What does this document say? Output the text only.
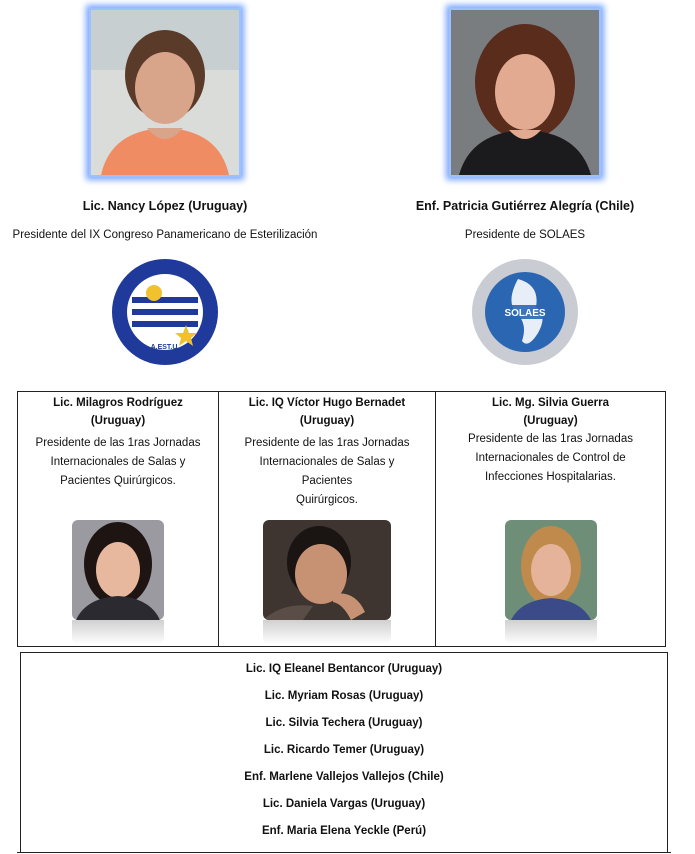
Lic. Nancy López (Uruguay)
Presidente del IX Congreso Panamericano de Esterilización
A.EST.U.
Enf. Patricia Gutiérrez Alegría (Chile)
Presidente de SOLAES
SOLAES
Lic. Milagros Rodríguez
(Uruguay)
Presidente de las 1ras Jornadas
Internacionales de Salas y
Pacientes Quirúrgicos.
Lic. IQ Víctor Hugo Bernadet
(Uruguay)
Presidente de las 1ras Jornadas
Internacionales de Salas y Pacientes
Quirúrgicos.
Lic. Mg. Silvia Guerra
(Uruguay)
Presidente de las 1ras Jornadas
Internacionales de Control de
Infecciones Hospitalarias.
Lic. IQ Eleanel Bentancor (Uruguay)
Lic. Myriam Rosas (Uruguay)
Lic. Silvia Techera (Uruguay)
Lic. Ricardo Temer (Uruguay)
Enf. Marlene Vallejos Vallejos (Chile)
Lic. Daniela Vargas (Uruguay)
Enf. Maria Elena Yeckle (Perú)
